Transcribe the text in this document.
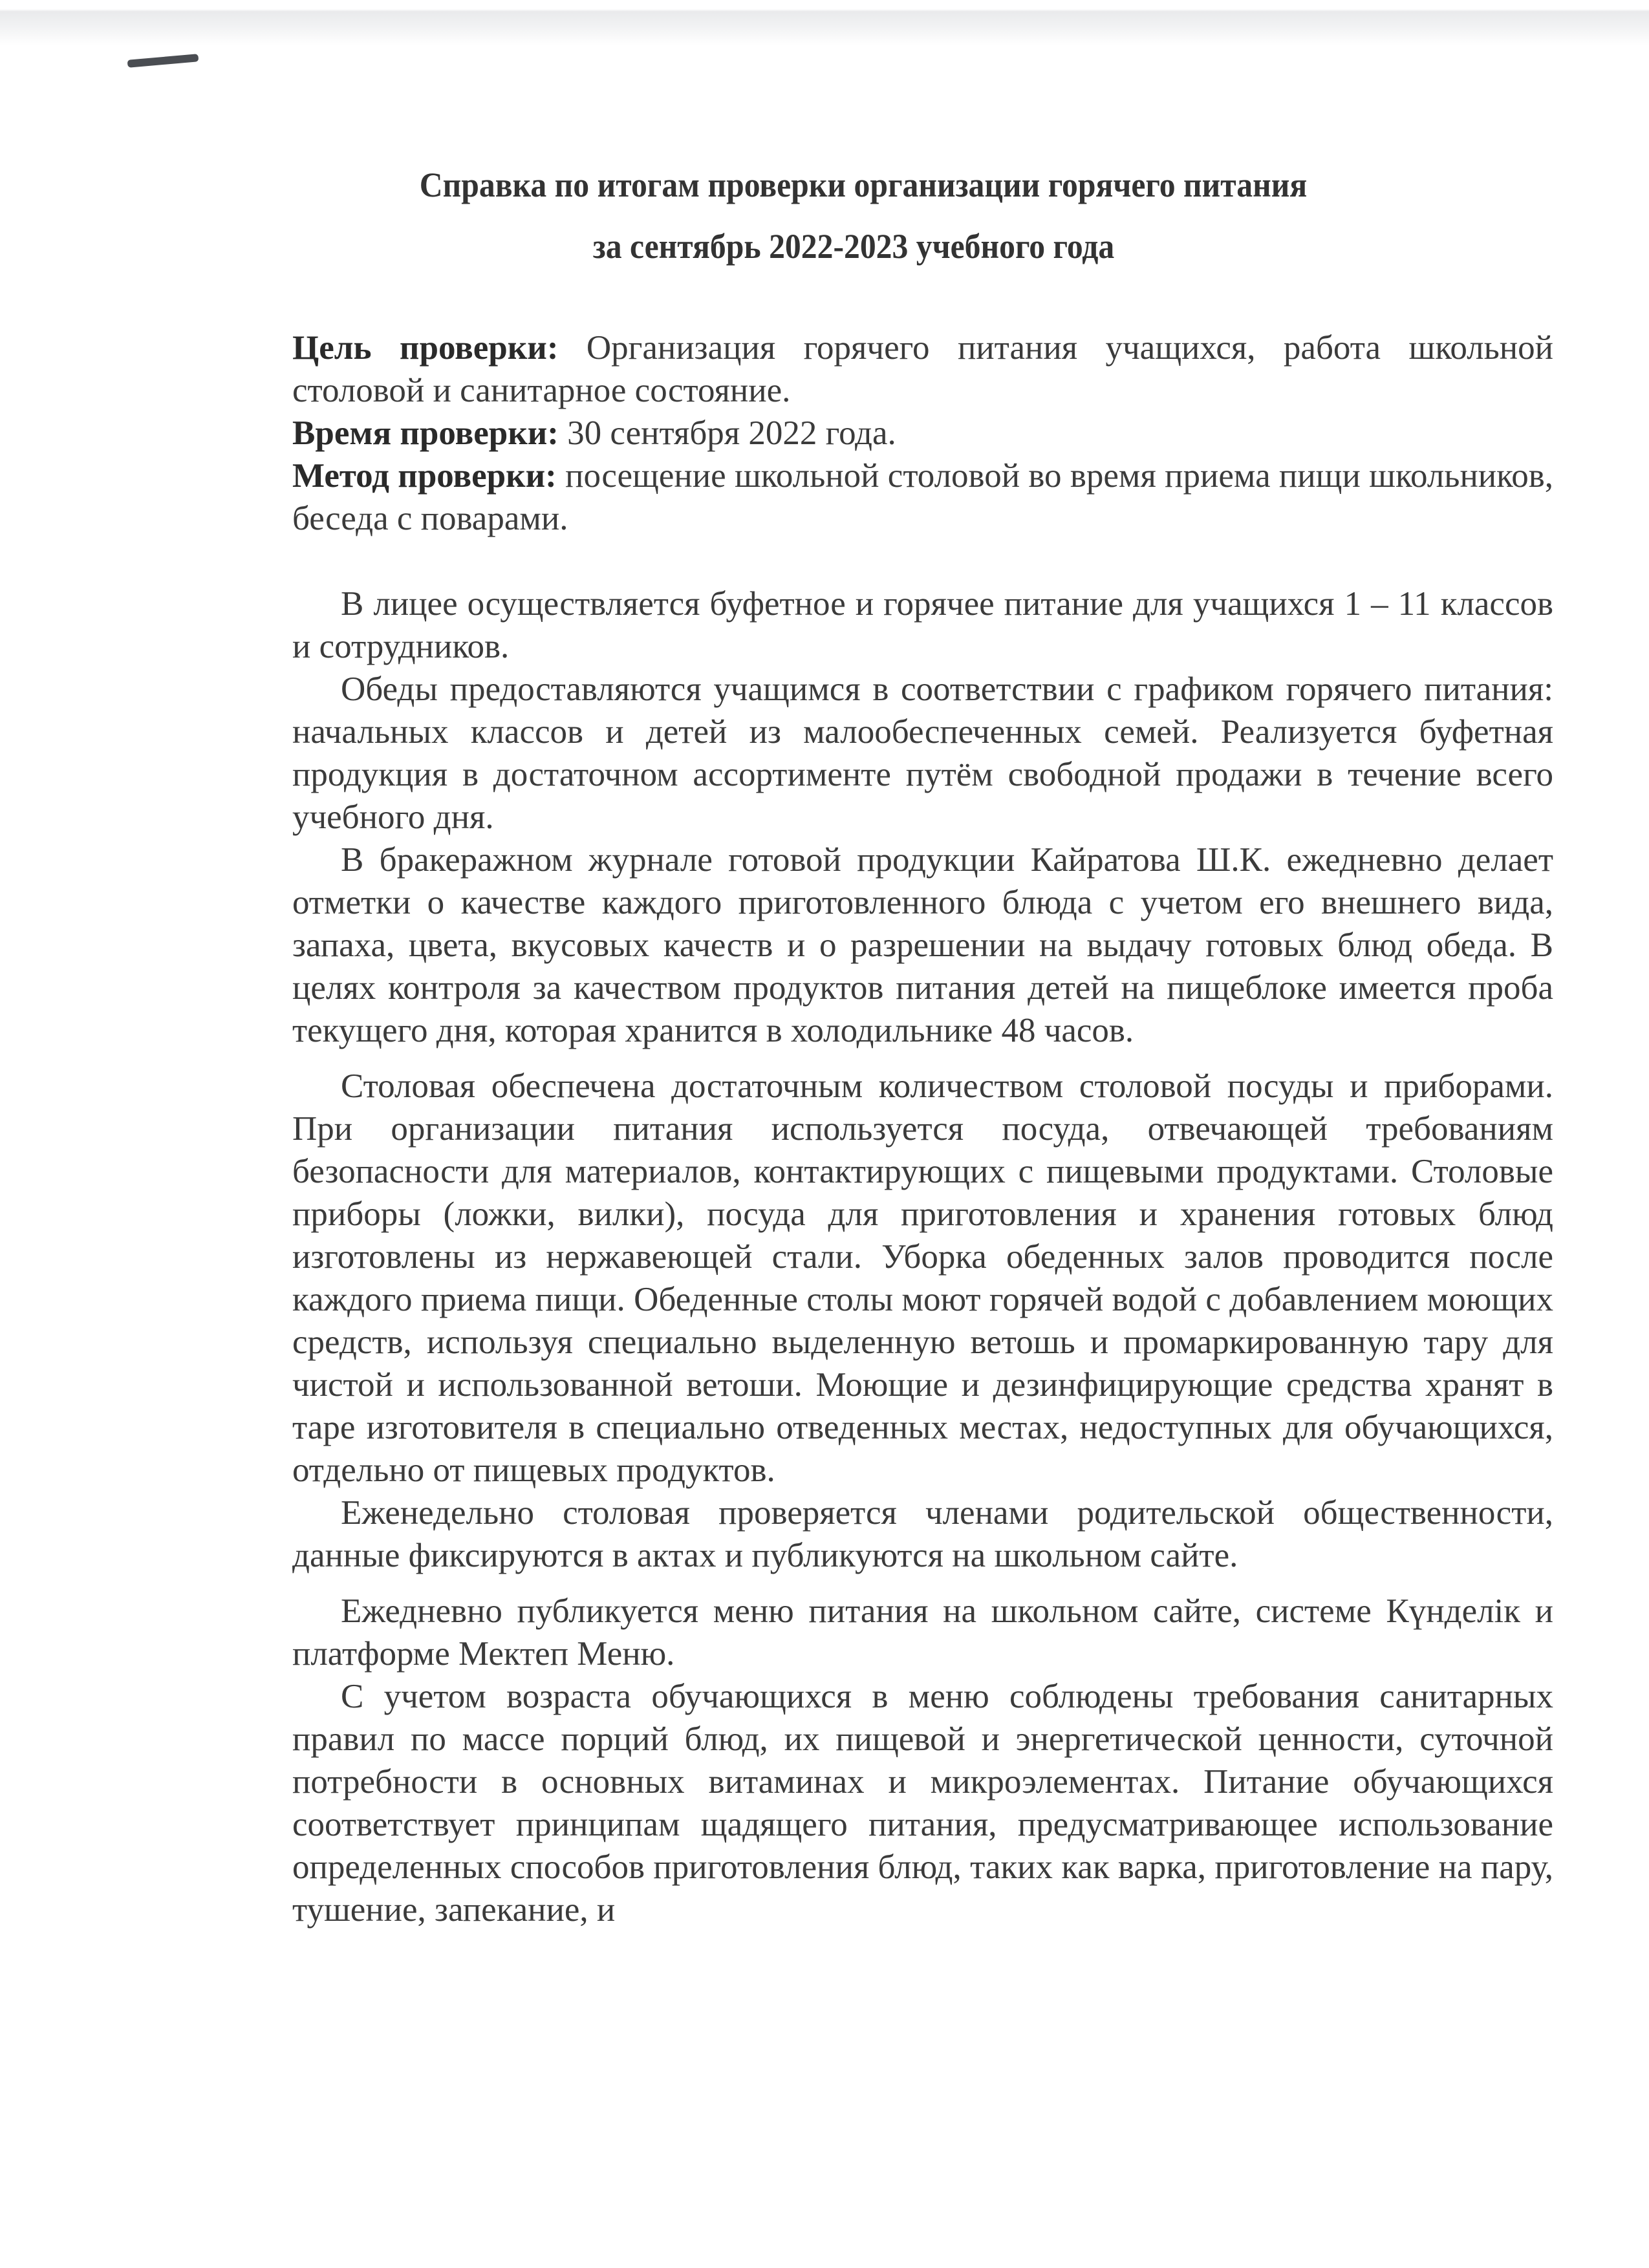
Справка по итогам проверки организации горячего питания
за сентябрь 2022-2023 учебного года

Цель проверки: Организация горячего питания учащихся, работа школьной столовой и санитарное состояние.

Время проверки: 30 сентября 2022 года.

Метод проверки: посещение школьной столовой во время приема пищи школьников, беседа с поварами.

В лицее осуществляется буфетное и горячее питание для учащихся 1 – 11 классов и сотрудников.

Обеды предоставляются учащимся в соответствии с графиком горячего питания: начальных классов и детей из малообеспеченных семей. Реализуется буфетная продукция в достаточном ассортименте путём свободной продажи в течение всего учебного дня.

В бракеражном журнале готовой продукции Кайратова Ш.К. ежедневно делает отметки о качестве каждого приготовленного блюда с учетом его внешнего вида, запаха, цвета, вкусовых качеств и о разрешении на выдачу готовых блюд обеда. В целях контроля за качеством продуктов питания детей на пищеблоке имеется проба текущего дня, которая хранится в холодильнике 48 часов.

Столовая обеспечена достаточным количеством столовой посуды и приборами. При организации питания используется посуда, отвечающей требованиям безопасности для материалов, контактирующих с пищевыми продуктами. Столовые приборы (ложки, вилки), посуда для приготовления и хранения готовых блюд изготовлены из нержавеющей стали. Уборка обеденных залов проводится после каждого приема пищи. Обеденные столы моют горячей водой с добавлением моющих средств, используя специально выделенную ветошь и промаркированную тару для чистой и использованной ветоши. Моющие и дезинфицирующие средства хранят в таре изготовителя в специально отведенных местах, недоступных для обучающихся, отдельно от пищевых продуктов.

Еженедельно столовая проверяется членами родительской общественности, данные фиксируются в актах и публикуются на школьном сайте.

Ежедневно публикуется меню питания на школьном сайте, системе Күнделік и платформе Мектеп Меню.

С учетом возраста обучающихся в меню соблюдены требования санитарных правил по массе порций блюд, их пищевой и энергетической ценности, суточной потребности в основных витаминах и микроэлементах. Питание обучающихся соответствует принципам щадящего питания, предусматривающее использование определенных способов приготовления блюд, таких как варка, приготовление на пару, тушение, запекание, и
